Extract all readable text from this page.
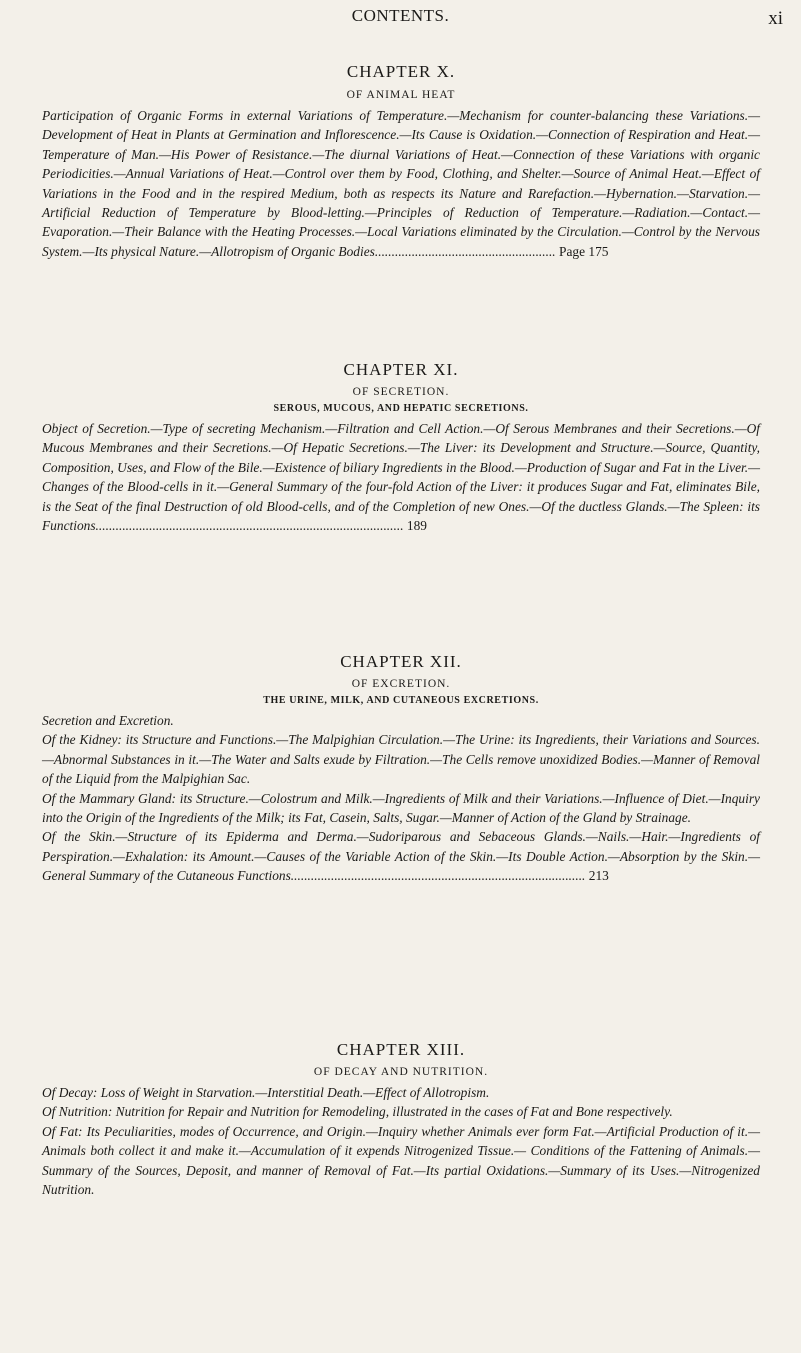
CONTENTS.	xi
CHAPTER X.
OF ANIMAL HEAT

Participation of Organic Forms in external Variations of Temperature.—Mechanism for counter-balancing these Variations.—Development of Heat in Plants at Germination and Inflorescence.—Its Cause is Oxidation.—Connection of Respiration and Heat.—Temperature of Man.—His Power of Resistance.—The diurnal Variations of Heat.—Connection of these Variations with organic Periodicities.—Annual Variations of Heat.—Control over them by Food, Clothing, and Shelter.—Source of Animal Heat.—Effect of Variations in the Food and in the respired Medium, both as respects its Nature and Rarefaction.—Hybernation.—Starvation.—Artificial Reduction of Temperature by Blood-letting.—Principles of Reduction of Temperature.—Radiation.—Contact.—Evaporation.—Their Balance with the Heating Processes.—Local Variations eliminated by the Circulation.—Control by the Nervous System.—Its physical Nature.—Allotropism of Organic Bodies...................................................... Page 175

CHAPTER XI.
OF SECRETION.
SEROUS, MUCOUS, AND HEPATIC SECRETIONS.

Object of Secretion.—Type of secreting Mechanism.—Filtration and Cell Action.—Of Serous Membranes and their Secretions.—Of Mucous Membranes and their Secretions.—Of Hepatic Secretions.—The Liver: its Development and Structure.—Source, Quantity, Composition, Uses, and Flow of the Bile.—Existence of biliary Ingredients in the Blood.—Production of Sugar and Fat in the Liver.—Changes of the Blood-cells in it.—General Summary of the four-fold Action of the Liver: it produces Sugar and Fat, eliminates Bile, is the Seat of the final Destruction of old Blood-cells, and of the Completion of new Ones.—Of the ductless Glands.—The Spleen: its Functions............................................................................................ 189

CHAPTER XII.
OF EXCRETION.
THE URINE, MILK, AND CUTANEOUS EXCRETIONS.

Secretion and Excretion.

Of the Kidney: its Structure and Functions.—The Malpighian Circulation.—The Urine: its Ingredients, their Variations and Sources.—Abnormal Substances in it.—The Water and Salts exude by Filtration.—The Cells remove unoxidized Bodies.—Manner of Removal of the Liquid from the Malpighian Sac.

Of the Mammary Gland: its Structure.—Colostrum and Milk.—Ingredients of Milk and their Variations.—Influence of Diet.—Inquiry into the Origin of the Ingredients of the Milk; its Fat, Casein, Salts, Sugar.—Manner of Action of the Gland by Strainage.

Of the Skin.—Structure of its Epiderma and Derma.—Sudoriparous and Sebaceous Glands.—Nails.—Hair.—Ingredients of Perspiration.—Exhalation: its Amount.—Causes of the Variable Action of the Skin.—Its Double Action.—Absorption by the Skin.—General Summary of the Cutaneous Functions........................................................................................ 213

CHAPTER XIII.
OF DECAY AND NUTRITION.

Of Decay: Loss of Weight in Starvation.—Interstitial Death.—Effect of Allotropism.

Of Nutrition: Nutrition for Repair and Nutrition for Remodeling, illustrated in the cases of Fat and Bone respectively.

Of Fat: Its Peculiarities, modes of Occurrence, and Origin.—Inquiry whether Animals ever form Fat.—Artificial Production of it.—Animals both collect it and make it.—Accumulation of it expends Nitrogenized Tissue.— Conditions of the Fattening of Animals.— Summary of the Sources, Deposit, and manner of Removal of Fat.—Its partial Oxidations.—Summary of its Uses.—Nitrogenized Nutrition.
